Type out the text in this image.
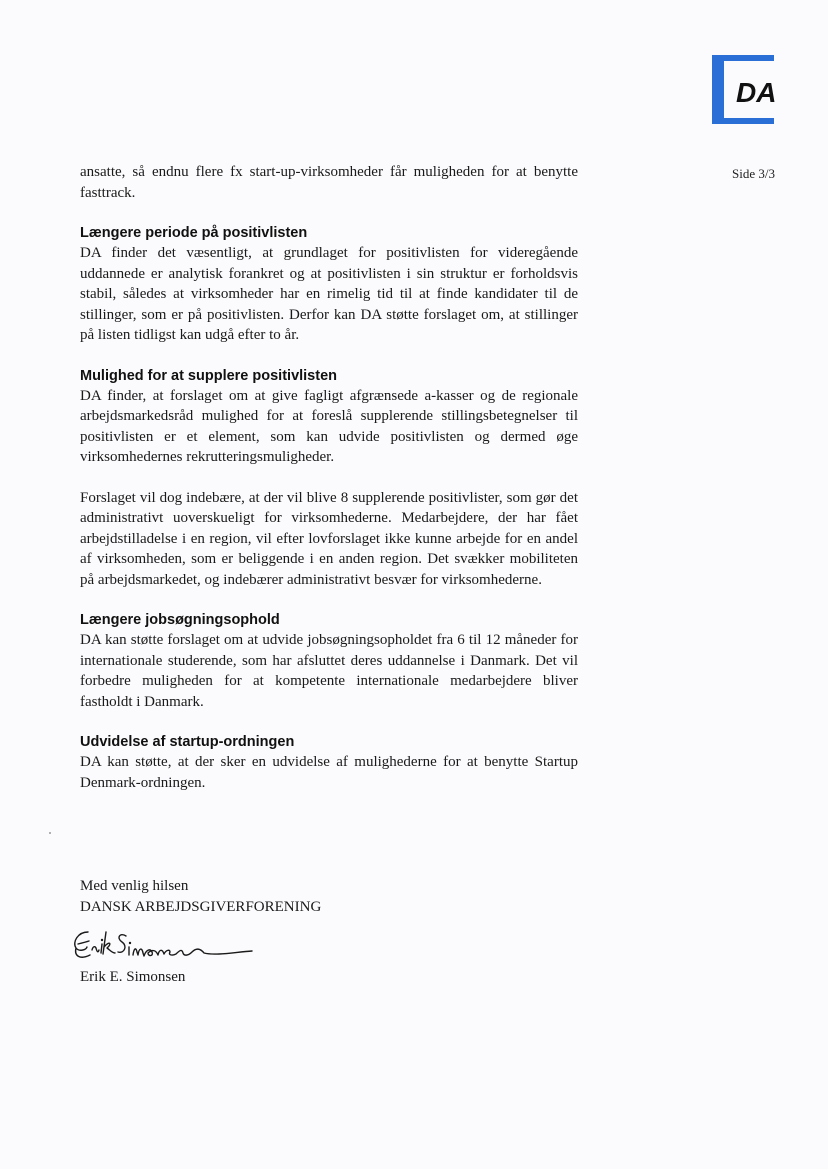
DA
Side 3/3

ansatte, så endnu flere fx start-up-virksomheder får muligheden for at benytte fasttrack.

Længere periode på positivlisten

DA finder det væsentligt, at grundlaget for positivlisten for videregående uddannede er analytisk forankret og at positivlisten i sin struktur er forholdsvis stabil, således at virksomheder har en rimelig tid til at finde kandidater til de stillinger, som er på positivlisten. Derfor kan DA støtte forslaget om, at stillinger på listen tidligst kan udgå efter to år.

Mulighed for at supplere positivlisten

DA finder, at forslaget om at give fagligt afgrænsede a-kasser og de regionale arbejdsmarkedsråd mulighed for at foreslå supplerende stillingsbetegnelser til positivlisten er et element, som kan udvide positivlisten og dermed øge virksomhedernes rekrutteringsmuligheder.

Forslaget vil dog indebære, at der vil blive 8 supplerende positivlister, som gør det administrativt uoverskueligt for virksomhederne. Medarbejdere, der har fået arbejdstilladelse i en region, vil efter lovforslaget ikke kunne arbejde for en andel af virksomheden, som er beliggende i en anden region. Det svækker mobiliteten på arbejdsmarkedet, og indebærer administrativt besvær for virksomhederne.

Længere jobsøgningsophold

DA kan støtte forslaget om at udvide jobsøgningsopholdet fra 6 til 12 måneder for internationale studerende, som har afsluttet deres uddannelse i Danmark. Det vil forbedre muligheden for at kompetente internationale medarbejdere bliver fastholdt i Danmark.

Udvidelse af startup-ordningen

DA kan støtte, at der sker en udvidelse af mulighederne for at benytte Startup Denmark-ordningen.

Med venlig hilsen
DANSK ARBEJDSGIVERFORENING
Erik E. Simonsen
